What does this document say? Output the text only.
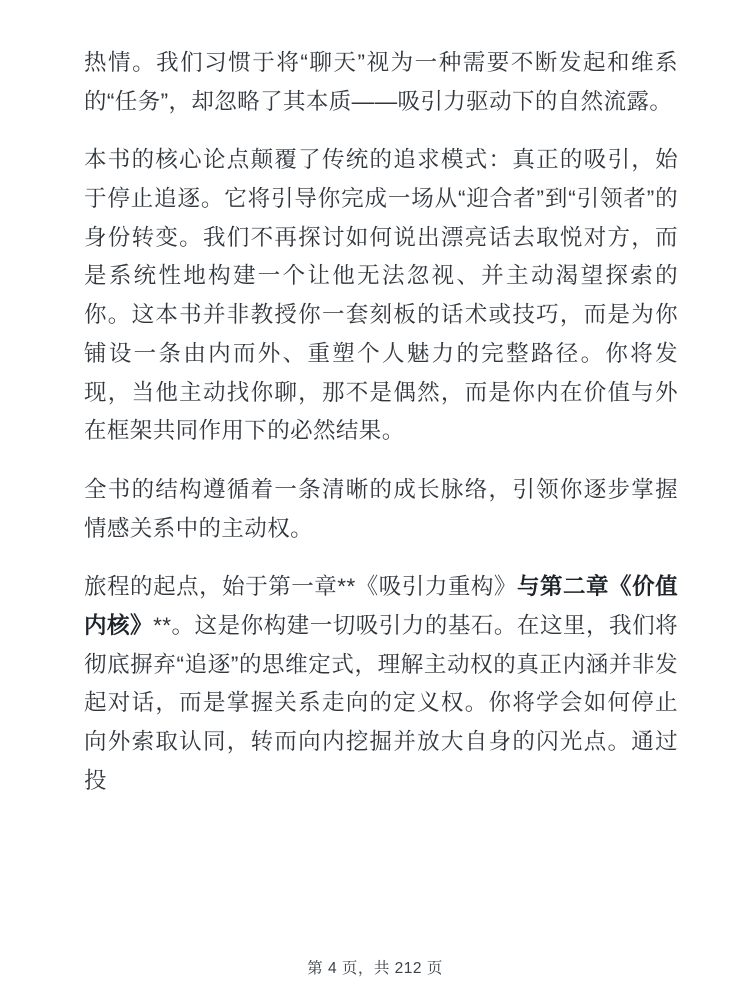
热情。我们习惯于将“聊天”视为一种需要不断发起和维系的“任务”，却忽略了其本质——吸引力驱动下的自然流露。

本书的核心论点颠覆了传统的追求模式：真正的吸引，始于停止追逐。它将引导你完成一场从“迎合者”到“引领者”的身份转变。我们不再探讨如何说出漂亮话去取悦对方，而是系统性地构建一个让他无法忽视、并主动渴望探索的你。这本书并非教授你一套刻板的话术或技巧，而是为你铺设一条由内而外、重塑个人魅力的完整路径。你将发现，当他主动找你聊，那不是偶然，而是你内在价值与外在框架共同作用下的必然结果。

全书的结构遵循着一条清晰的成长脉络，引领你逐步掌握情感关系中的主动权。

旅程的起点，始于第一章**《吸引力重构》与第二章《价值内核》**。这是你构建一切吸引力的基石。在这里，我们将彻底摒弃“追逐”的思维定式，理解主动权的真正内涵并非发起对话，而是掌握关系走向的定义权。你将学会如何停止向外索取认同，转而向内挖掘并放大自身的闪光点。通过投

第 4 页，共 212 页
